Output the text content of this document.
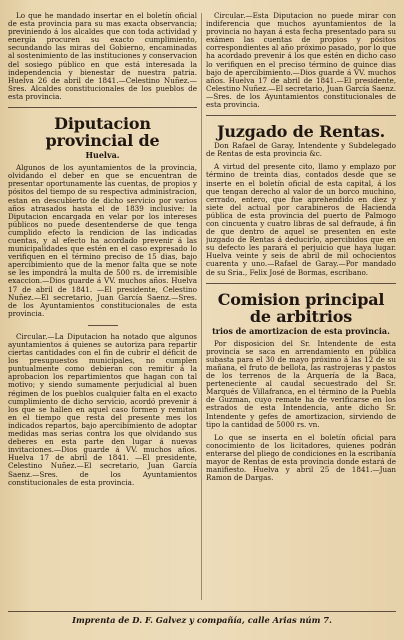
Lo que he mandado insertar en el boletín oficial de esta provincia para su mas exacta observancia; previniendo á los alcaldes que con toda actividad y energía procuren su exacto cumplimiento, secundando las miras del Gobierno, encaminadas al sostenimiento de las instituciones y conservacion del sosiego público en que está interesada la independencia y bienestar de nuestra patria. Huelva 26 de abril de 1841.—Celestino Nuñez.—Sres. Alcaldes constitucionales de los pueblos de esta provincia.

Diputacion provincial de
Huelva.

Algunos de los ayuntamientos de la provincia, olvidando el deber en que se encuentran de presentar oportunamente las cuentas, de propios y pósitos del tiempo de su respectiva administracion, estan en descubierto de dicho servicio por varios años atrasados hasta el de 1839 inclusive: la Diputacion encargada en velar por los intereses públicos no puede desentenderse de que tenga cumplido efecto la rendicion de las indicadas cuentas, y al efecto ha acordado prevenir á las municipalidades que estén en el caso expresado lo verifiquen en el término preciso de 15 dias, bajo apercibimiento que de la menor falta que se note se les impondrá la multa de 500 rs. de irremisible exaccion.—Dios guarde á VV. muchos años. Huelva 17 de abril de 1841. —El presidente, Celestino Nuñez.—El secretario, Juan García Saenz.—Sres. de los Ayuntamientos constitucionales de esta provincia.

Circular.—La Diputacion ha notado que algunos ayuntamientos á quienes se autoriza para repartir ciertas cantidades con el fin de cubrir el déficit de los presupuestos municipales, no cumplen puntualmente como debieran con remitir á la aprobacion los repartimientos que hagan con tal motivo; y siendo sumamente perjudicial al buen régimen de los pueblos cualquier falta en el exacto cumplimiento de dicho servicio, acordó prevenir á los que se hallen en aquel caso formen y remitan en el tiempo que resta del presente mes los indicados repartos, bajo apercibimiento de adoptar medidas mas serias contra los que olvidando sus deberes en esta parte den lugar á nuevas invitaciones.—Dios guarde á VV. muchos años. Huelva 17 de abril de 1841. —El presidente, Celestino Nuñez.—El secretario, Juan García Saenz.—Sres. de los Ayuntamientos constitucionales de esta provincia.

Circular.—Esta Diputacion no puede mirar con indiferencia que muchos ayuntamientos de la provincia no hayan á esta fecha presentado para su exámen las cuentas de propios y pósitos correspondientes al año próximo pasado, por lo que ha acordado prevenir á los que estén en dicho caso lo verifiquen en el preciso término de quince dias bajo de apercibimiento.—Dios guarde á VV. muchos años. Huelva 17 de abril de 1841.—El presidente, Celestino Nuñez.—El secretario, Juan García Saenz.—Sres. de los Ayuntamientos constitucionales de esta provincia.

Juzgado de Rentas.

Don Rafael de Garay, Intendente y Subdelegado de Rentas de esta provincia &c.

A virtud del presente cito, llamo y emplazo por término de treinta dias, contados desde que se inserte en el boletín oficial de esta capital, á los que tengan derecho al valor de un borco muchino, cerrado, entero, que fue aprehendido en diez y siete del actual por carabineros de Hacienda pública de esta provincia del puerto de Palmogo con cincuenta y cuatro libras de sal defraude, á fin de que dentro de aquel se presenten en este juzgado de Rentas á deducirlo, apercibidos que en su defecto les parará el perjuicio que haya lugar. Huelva veinte y seis de abril de mil ochocientos cuarenta y uno.—Rafael de Garay.—Por mandado de su Sria., Felix José de Bormas, escribano.

Comision principal de arbitrios
trios de amortizacion de esta provincia.

Por disposicion del Sr. Intendente de esta provincia se saca en arrendamiento en pública subasta para el 30 de mayo próximo á las 12 de su mañana, el fruto de bellota, las rastrojeras y pastos de los terrenos de la Arquería de la Baca, perteneciente al caudal secuestrado del Sr. Marqués de Villafranca, en el término de la Puebla de Guzman, cuyo remate ha de verificarse en los estrados de esta Intendencia, ante dicho Sr. Intendente y gefes de amortizacion, sirviendo de tipo la cantidad de 5000 rs. vn.

Lo que se inserta en el boletín oficial para conocimiento de los licitadores, quienes podrán enterarse del pliego de condiciones en la escribanía mayor de Rentas de esta provincia donde estará de manifiesto. Huelva y abril 25 de 1841.—Juan Ramon de Dargas.

Imprenta de D. F. Galvez y compañía, calle Arias núm 7.
